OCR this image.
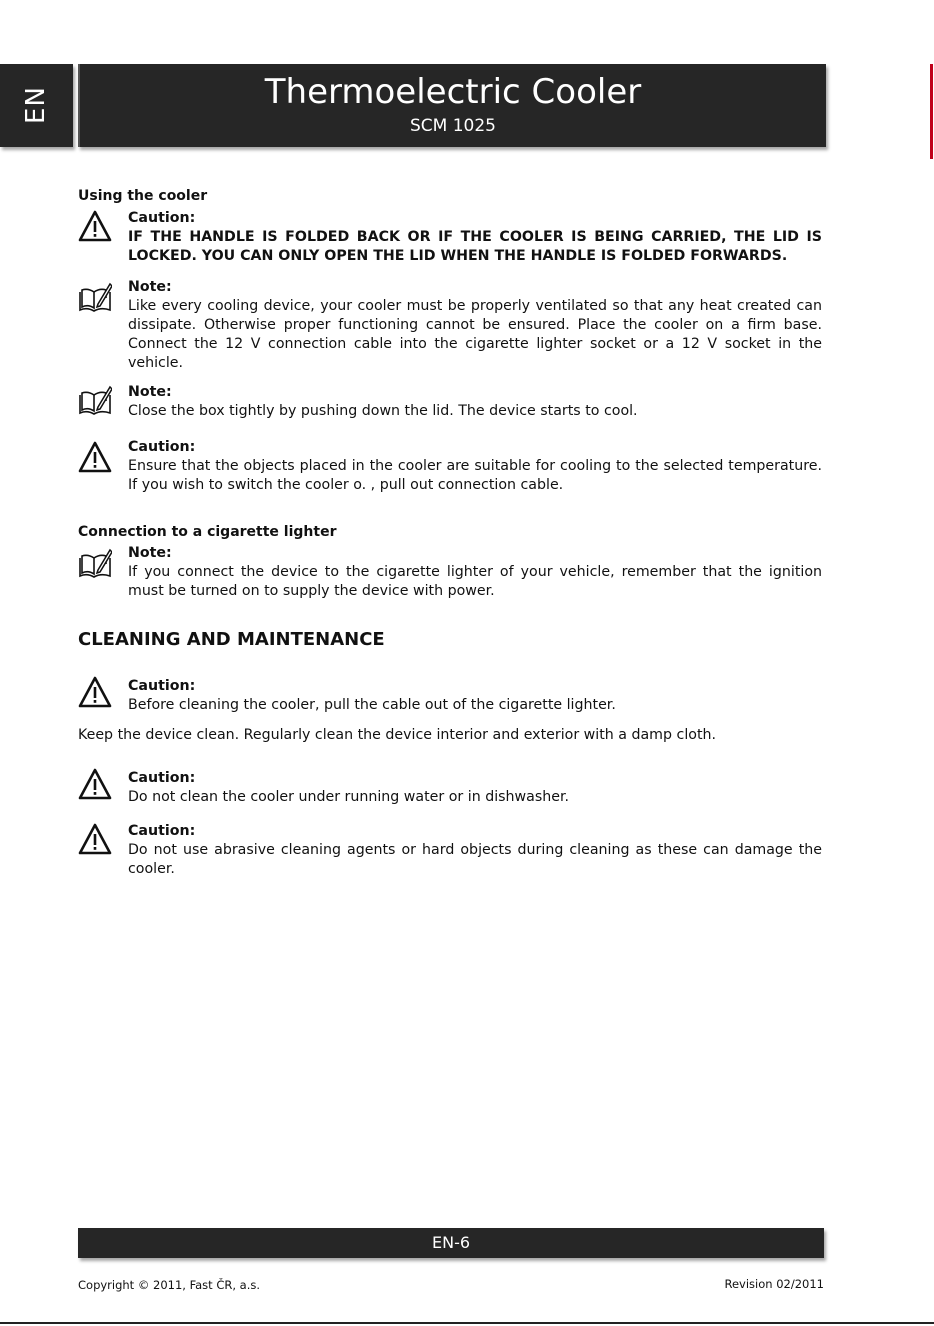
EN	Thermoelectric Cooler
SCM 1025
Using the cooler
Caution:
IF THE HANDLE IS FOLDED BACK OR IF THE COOLER IS BEING CARRIED, THE LID IS LOCKED. YOU CAN ONLY OPEN THE LID WHEN THE HANDLE IS FOLDED FORWARDS.
Note:
Like every cooling device, your cooler must be properly ventilated so that any heat created can dissipate. Otherwise proper functioning cannot be ensured. Place the cooler on a firm base. Connect the 12 V connection cable into the cigarette lighter socket or a 12 V socket in the vehicle.
Note:
Close the box tightly by pushing down the lid. The device starts to cool.
Caution:
Ensure that the objects placed in the cooler are suitable for cooling to the selected temperature. If you wish to switch the cooler o. , pull out connection cable.
Connection to a cigarette lighter
Note:
If you connect the device to the cigarette lighter of your vehicle, remember that the ignition must be turned on to supply the device with power.
CLEANING AND MAINTENANCE
Caution:
Before cleaning the cooler, pull the cable out of the cigarette lighter.
Keep the device clean. Regularly clean the device interior and exterior with a damp cloth.
Caution:
Do not clean the cooler under running water or in dishwasher.
Caution:
Do not use abrasive cleaning agents or hard objects during cleaning as these can damage the cooler.
EN-6
Copyright © 2011, Fast ČR, a.s.	Revision 02/2011
